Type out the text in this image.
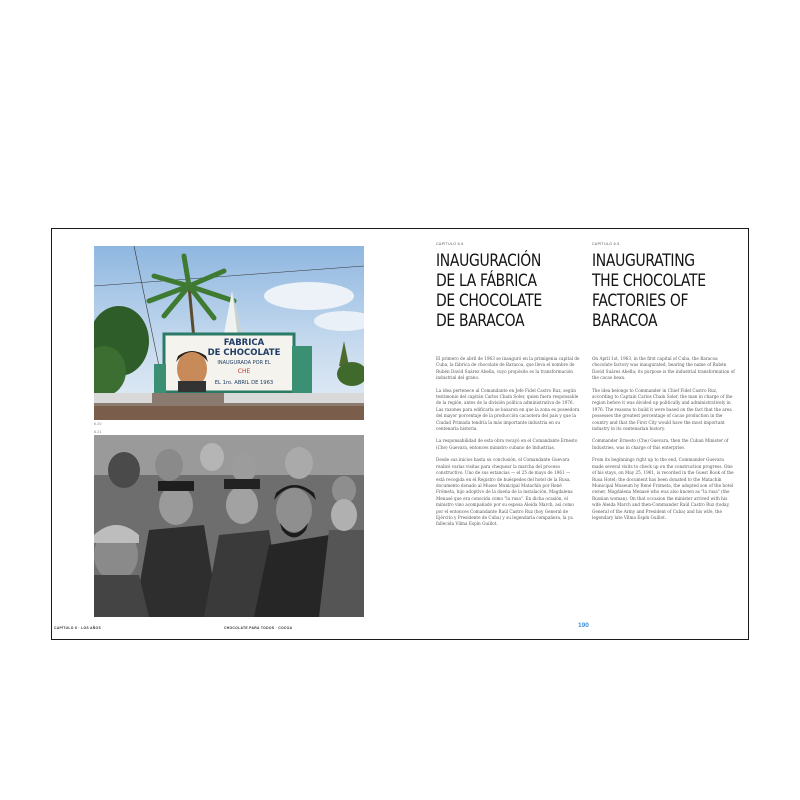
FABRICA
DE CHOCOLATE
INAUGURADA POR EL
CHE
EL 1ro. ABRIL DE 1963
6.20
6.21
CAPÍTULO 6 · LOS AÑOS	CHOCOLATE PARA TODOS · COCOA
CAPÍTULO 6.5
INAUGURACIÓN
DE LA FÁBRICA
DE CHOCOLATE
DE BARACOA
CAPÍTULO 6.5
INAUGURATING
THE CHOCOLATE
FACTORIES OF
BARACOA

El primero de abril de 1963 se inauguró en la primigenia capital de Cuba, la fábrica de chocolate de Baracoa, que lleva el nombre de Rubén David Suárez Abella, cuyo propósito es la transformación industrial del grano.

La idea pertenece al Comandante en Jefe Fidel Castro Ruz, según testimonio del capitán Carlos Chaín Soler, quien fuera responsable de la región, antes de la división política administrativa de 1976. Las razones para edificarla se basaron en que la zona es poseedora del mayor porcentaje de la producción cacaotera del país y que la Ciudad Primada tendría la más importante industria en su centenaria historia.

La responsabilidad de esta obra recayó en el Comandante Ernesto (Che) Guevara, entonces ministro cubano de Industrias.

Desde sus inicios hasta su conclusión, el Comandante Guevara realizó varias visitas para chequear la marcha del proceso constructivo. Uno de sus estancias — el 25 de mayo de 1961 — está recogida en el Registro de huéspedes del hotel de la Rusa, documento donado al Museo Municipal Matachín por René Frómeta, hijo adoptivo de la dueña de la instalación, Magdalena Menasé que era conocida como "la rusa". En dicha ocasión, el ministro vino acompañado por su esposa Aleida March, así como por el entonces Comandante Raúl Castro Ruz (hoy General de Ejército y Presidente de Cuba) y su legendaria compañera, la ya fallecida Vilma Espín Guillot.

On April 1st, 1963, in the first capital of Cuba, the Baracoa chocolate factory was inaugurated, bearing the name of Rubén David Suárez Abella; its purpose is the industrial transformation of the cacao bean.

The idea belongs to Commander in Chief Fidel Castro Ruz, according to Captain Carlos Chaín Soler, the man in charge of the region before it was divided up politically and administratively in 1976. The reasons to build it were based on the fact that the area possesses the greatest percentage of cacao production in the country and that the First City would have the most important industry in its centenarian history.

Commander Ernesto (Che) Guevara, then the Cuban Minister of Industries, was in charge of this enterprise.

From its beginnings right up to the end, Commander Guevara made several visits to check up on the construction progress. One of his stays, on May 25, 1961, is recorded in the Guest Book of the Rusa Hotel; the document has been donated to the Matachín Municipal Museum by René Frómeta, the adopted son of the hotel owner, Magdalena Menasé who was also known as "la rusa" (the Russian woman). On that occasion the minister arrived with his wife Aleida March and then-Commander Raúl Castro Ruz (today, General of the Army and President of Cuba) and his wife, the legendary late Vilma Espín Guillot.

190
